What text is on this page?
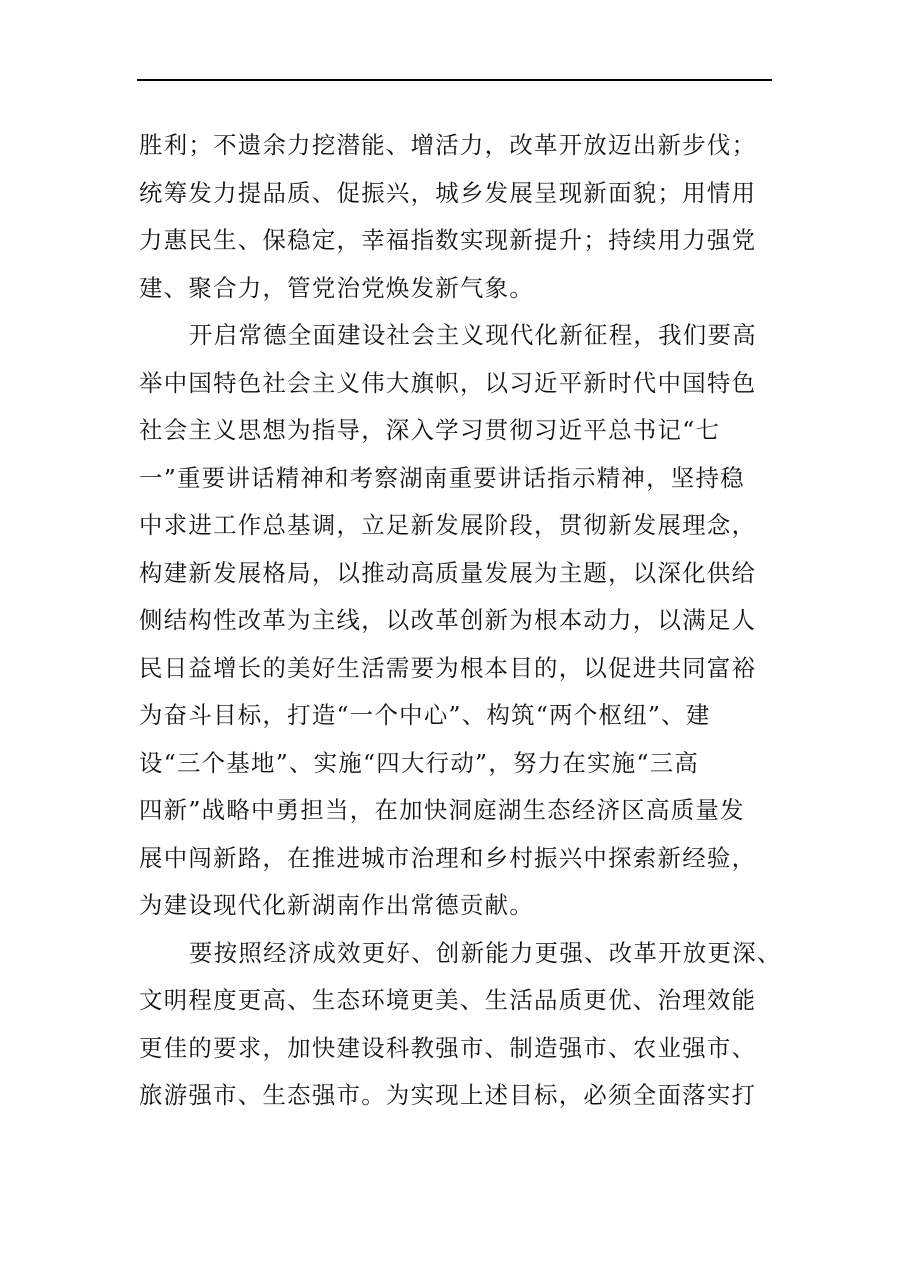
胜利；不遗余力挖潜能、增活力，改革开放迈出新步伐；
统筹发力提品质、促振兴，城乡发展呈现新面貌；用情用
力惠民生、保稳定，幸福指数实现新提升；持续用力强党
建、聚合力，管党治党焕发新气象。

开启常德全面建设社会主义现代化新征程，我们要高
举中国特色社会主义伟大旗帜，以习近平新时代中国特色
社会主义思想为指导，深入学习贯彻习近平总书记“七
一”重要讲话精神和考察湖南重要讲话指示精神，坚持稳
中求进工作总基调，立足新发展阶段，贯彻新发展理念，
构建新发展格局，以推动高质量发展为主题，以深化供给
侧结构性改革为主线，以改革创新为根本动力，以满足人
民日益增长的美好生活需要为根本目的，以促进共同富裕
为奋斗目标，打造“一个中心”、构筑“两个枢纽”、建
设“三个基地”、实施“四大行动”，努力在实施“三高
四新”战略中勇担当，在加快洞庭湖生态经济区高质量发
展中闯新路，在推进城市治理和乡村振兴中探索新经验，
为建设现代化新湖南作出常德贡献。

要按照经济成效更好、创新能力更强、改革开放更深、
文明程度更高、生态环境更美、生活品质更优、治理效能
更佳的要求，加快建设科教强市、制造强市、农业强市、
旅游强市、生态强市。为实现上述目标，必须全面落实打
